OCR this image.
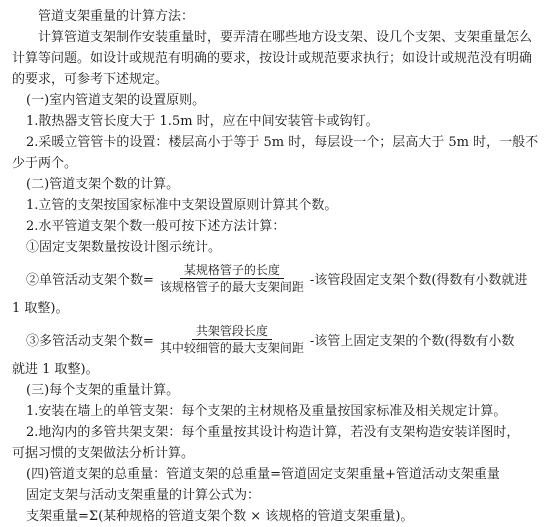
管道支架重量的计算方法：
计算管道支架制作安装重量时，要弄清在哪些地方设支架、设几个支架、支架重量怎么
计算等问题。如设计或规范有明确的要求，按设计或规范要求执行；如设计或规范没有明确
的要求，可参考下述规定。
(一)室内管道支架的设置原则。
1.散热器支管长度大于 1.5m 时，应在中间安装管卡或钩钉。
2.采暖立管管卡的设置：楼层高小于等于 5m 时，每层设一个；层高大于 5m 时，一般不
少于两个。
(二)管道支架个数的计算。
1.立管的支架按国家标准中支架设置原则计算其个数。
2.水平管道支架个数一般可按下述方法计算：
①固定支架数量按设计图示统计。
②单管活动支架个数= $\frac{\text{某规格管子的长度}}{\text{该规格管子的最大支架间距}}$ -该管段固定支架个数(得数有小数就进
1 取整)。
③多管活动支架个数= $\frac{\text{共架管段长度}}{\text{其中较细管的最大支架间距}}$ -该管上固定支架的个数(得数有小数
就进 1 取整)。
(三)每个支架的重量计算。
1.安装在墙上的单管支架：每个支架的主材规格及重量按国家标准及相关规定计算。
2.地沟内的多管共架支架：每个重量按其设计构造计算，若没有支架构造安装详图时，
可据习惯的支架做法分析计算。
(四)管道支架的总重量：管道支架的总重量=管道固定支架重量+管道活动支架重量
固定支架与活动支架重量的计算公式为：
支架重量=Σ(某种规格的管道支架个数 × 该规格的管道支架重量)。
